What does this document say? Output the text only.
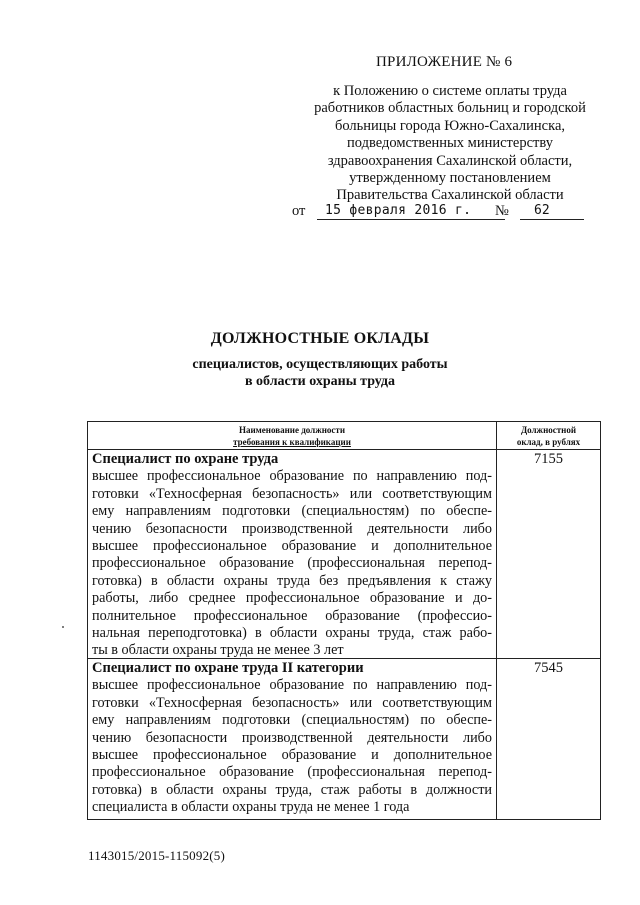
ПРИЛОЖЕНИЕ № 6
к Положению о системе оплаты труда
работников областных больниц и городской
больницы города Южно-Сахалинска,
подведомственных министерству
здравоохранения Сахалинской области,
утвержденному постановлением
Правительства Сахалинской области
от 15 февраля 2016 г. № 62
ДОЛЖНОСТНЫЕ ОКЛАДЫ
специалистов, осуществляющих работы
в области охраны труда
Наименование должности
требования к квалификации
Должностной
оклад, в рублях
Специалист по охране труда
высшее профессиональное образование по направлению под-
готовки «Техносферная безопасность» или соответствующим
ему направлениям подготовки (специальностям) по обеспе-
чению безопасности производственной деятельности либо
высшее профессиональное образование и дополнительное
профессиональное образование (профессиональная перепод-
готовка) в области охраны труда без предъявления к стажу
работы, либо среднее профессиональное образование и до-
полнительное профессиональное образование (профессио-
нальная переподготовка) в области охраны труда, стаж рабо-
ты в области охраны труда не менее 3 лет
7155
Специалист по охране труда II категории
высшее профессиональное образование по направлению под-
готовки «Техносферная безопасность» или соответствующим
ему направлениям подготовки (специальностям) по обеспе-
чению безопасности производственной деятельности либо
высшее профессиональное образование и дополнительное
профессиональное образование (профессиональная перепод-
готовка) в области охраны труда, стаж работы в должности
специалиста в области охраны труда не менее 1 года
7545
1143015/2015-115092(5)
